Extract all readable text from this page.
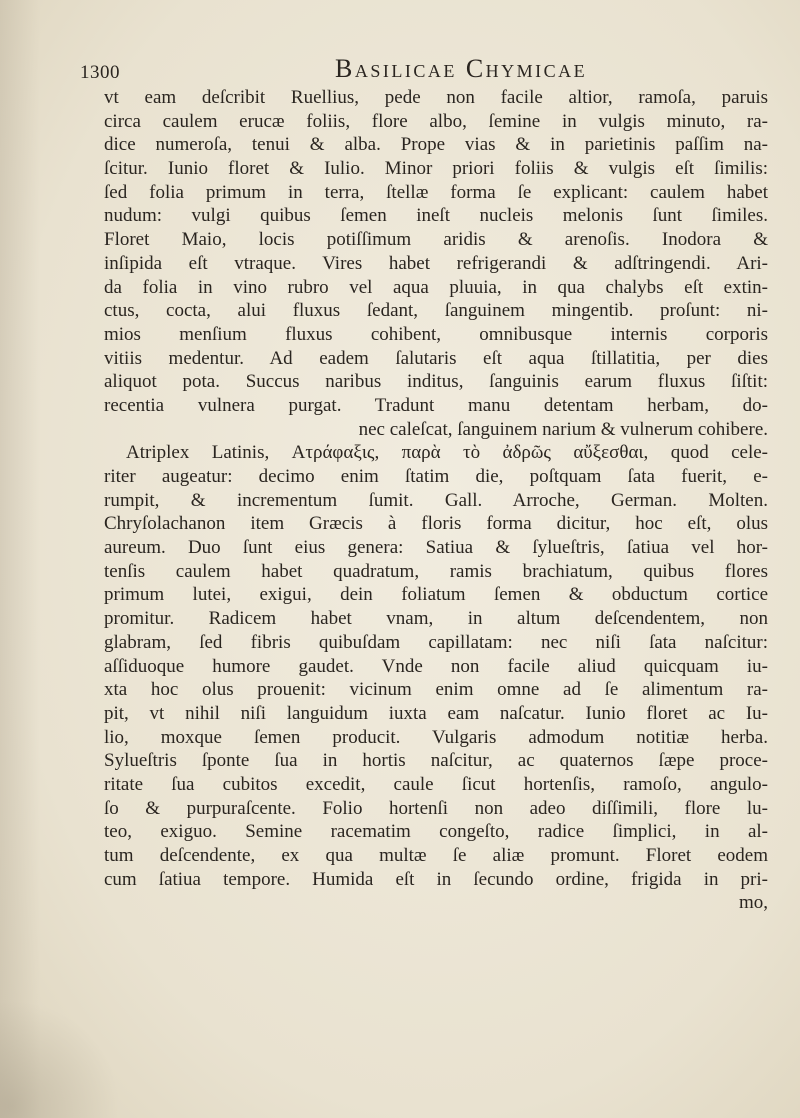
1300	Basilicae Chymicae
vt eam deſcribit Ruellius, pede non facile altior, ramoſa, paruis
circa caulem erucæ foliis, flore albo, ſemine in vulgis minuto, ra-
dice numeroſa, tenui & alba. Prope vias & in parietinis paſſim na-
ſcitur. Iunio floret & Iulio. Minor priori foliis & vulgis eſt ſimilis:
ſed folia primum in terra, ſtellæ forma ſe explicant: caulem habet
nudum: vulgi quibus ſemen ineſt nucleis melonis ſunt ſimiles.
Floret Maio, locis potiſſimum aridis & arenoſis. Inodora &
inſipida eſt vtraque. Vires habet refrigerandi & adſtringendi. Ari-
da folia in vino rubro vel aqua pluuia, in qua chalybs eſt extin-
ctus, cocta, alui fluxus ſedant, ſanguinem mingentib. proſunt: ni-
mios menſium fluxus cohibent, omnibusque internis corporis
vitiis medentur. Ad eadem ſalutaris eſt aqua ſtillatitia, per dies
aliquot pota. Succus naribus inditus, ſanguinis earum fluxus ſiſtit:
recentia vulnera purgat. Tradunt manu detentam herbam, do-
nec caleſcat, ſanguinem narium & vulnerum cohibere.
Atriplex Latinis, Ατράφαξις, παρὰ τὸ ἀδρῶς αὔξεσθαι, quod cele-
riter augeatur: decimo enim ſtatim die, poſtquam ſata fuerit, e-
rumpit, & incrementum ſumit. Gall. Arroche, German. Molten.
Chryſolachanon item Græcis à floris forma dicitur, hoc eſt, olus
aureum. Duo ſunt eius genera: Satiua & ſylueſtris, ſatiua vel hor-
tenſis caulem habet quadratum, ramis brachiatum, quibus flores
primum lutei, exigui, dein foliatum ſemen & obductum cortice
promitur. Radicem habet vnam, in altum deſcendentem, non
glabram, ſed fibris quibuſdam capillatam: nec niſi ſata naſcitur:
aſſiduoque humore gaudet. Vnde non facile aliud quicquam iu-
xta hoc olus prouenit: vicinum enim omne ad ſe alimentum ra-
pit, vt nihil niſi languidum iuxta eam naſcatur. Iunio floret ac Iu-
lio, moxque ſemen producit. Vulgaris admodum notitiæ herba.
Sylueſtris ſponte ſua in hortis naſcitur, ac quaternos ſæpe proce-
ritate ſua cubitos excedit, caule ſicut hortenſis, ramoſo, angulo-
ſo & purpuraſcente. Folio hortenſi non adeo diſſimili, flore lu-
teo, exiguo. Semine racematim congeſto, radice ſimplici, in al-
tum deſcendente, ex qua multæ ſe aliæ promunt. Floret eodem
cum ſatiua tempore. Humida eſt in ſecundo ordine, frigida in pri-
mo,
